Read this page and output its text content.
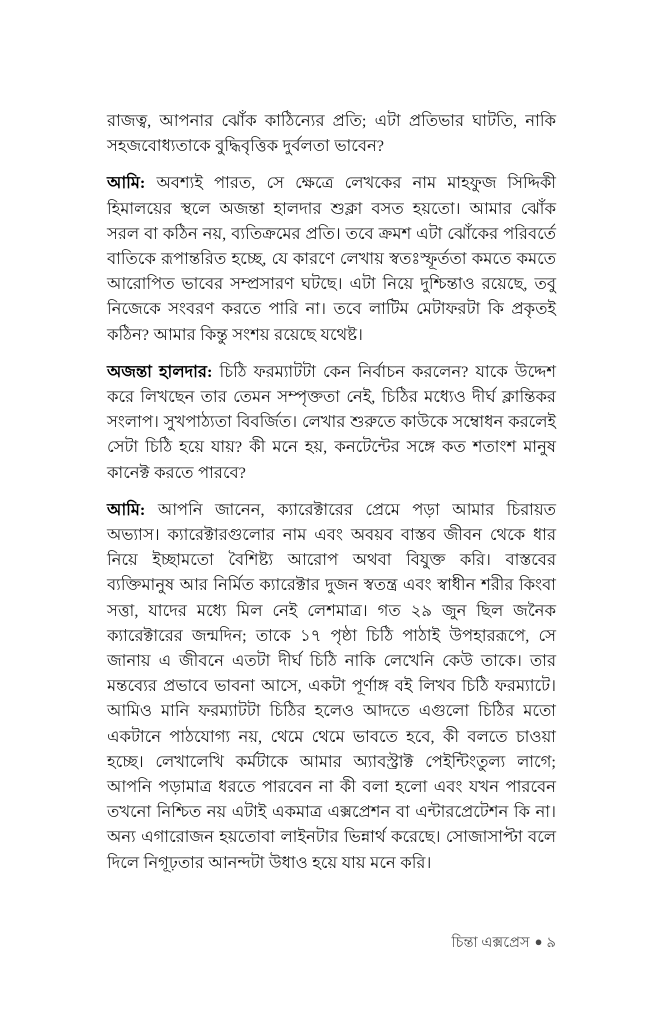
রাজত্ব, আপনার ঝোঁক কাঠিন্যের প্রতি; এটা প্রতিভার ঘাটতি, নাকি সহজবোধ্যতাকে বুদ্ধিবৃত্তিক দুর্বলতা ভাবেন?

আমি: অবশ্যই পারত, সে ক্ষেত্রে লেখকের নাম মাহফুজ সিদ্দিকী হিমালয়ের স্থলে অজন্তা হালদার শুক্লা বসত হয়তো। আমার ঝোঁক সরল বা কঠিন নয়, ব্যতিক্রমের প্রতি। তবে ক্রমশ এটা ঝোঁকের পরিবর্তে বাতিকে রূপান্তরিত হচ্ছে, যে কারণে লেখায় স্বতঃস্ফূর্ততা কমতে কমতে আরোপিত ভাবের সম্প্রসারণ ঘটছে। এটা নিয়ে দুশ্চিন্তাও রয়েছে, তবু নিজেকে সংবরণ করতে পারি না। তবে লাটিম মেটাফরটা কি প্রকৃতই কঠিন? আমার কিন্তু সংশয় রয়েছে যথেষ্ট।

অজন্তা হালদার: চিঠি ফরম্যাটটা কেন নির্বাচন করলেন? যাকে উদ্দেশ করে লিখছেন তার তেমন সম্পৃক্ততা নেই, চিঠির মধ্যেও দীর্ঘ ক্লান্তিকর সংলাপ। সুখপাঠ্যতা বিবর্জিত। লেখার শুরুতে কাউকে সম্বোধন করলেই সেটা চিঠি হয়ে যায়? কী মনে হয়, কনটেন্টের সঙ্গে কত শতাংশ মানুষ কানেক্ট করতে পারবে?

আমি: আপনি জানেন, ক্যারেক্টারের প্রেমে পড়া আমার চিরায়ত অভ্যাস। ক্যারেক্টারগুলোর নাম এবং অবয়ব বাস্তব জীবন থেকে ধার নিয়ে ইচ্ছামতো বৈশিষ্ট্য আরোপ অথবা বিযুক্ত করি। বাস্তবের ব্যক্তিমানুষ আর নির্মিত ক্যারেক্টার দুজন স্বতন্ত্র এবং স্বাধীন শরীর কিংবা সত্তা, যাদের মধ্যে মিল নেই লেশমাত্র। গত ২৯ জুন ছিল জনৈক ক্যারেক্টারের জন্মদিন; তাকে ১৭ পৃষ্ঠা চিঠি পাঠাই উপহাররূপে, সে জানায় এ জীবনে এতটা দীর্ঘ চিঠি নাকি লেখেনি কেউ তাকে। তার মন্তব্যের প্রভাবে ভাবনা আসে, একটা পূর্ণাঙ্গ বই লিখব চিঠি ফরম্যাটে। আমিও মানি ফরম্যাটটা চিঠির হলেও আদতে এগুলো চিঠির মতো একটানে পাঠযোগ্য নয়, থেমে থেমে ভাবতে হবে, কী বলতে চাওয়া হচ্ছে। লেখালেখি কর্মটাকে আমার অ্যাবস্ট্রাক্ট পেইন্টিংতুল্য লাগে; আপনি পড়ামাত্র ধরতে পারবেন না কী বলা হলো এবং যখন পারবেন তখনো নিশ্চিত নয় এটাই একমাত্র এক্সপ্রেশন বা এন্টারপ্রেটেশন কি না। অন্য এগারোজন হয়তোবা লাইনটার ভিন্নার্থ করেছে। সোজাসাপ্টা বলে দিলে নিগূঢ়তার আনন্দটা উধাও হয়ে যায় মনে করি।

চিন্তা এক্সপ্রেস ● ৯
